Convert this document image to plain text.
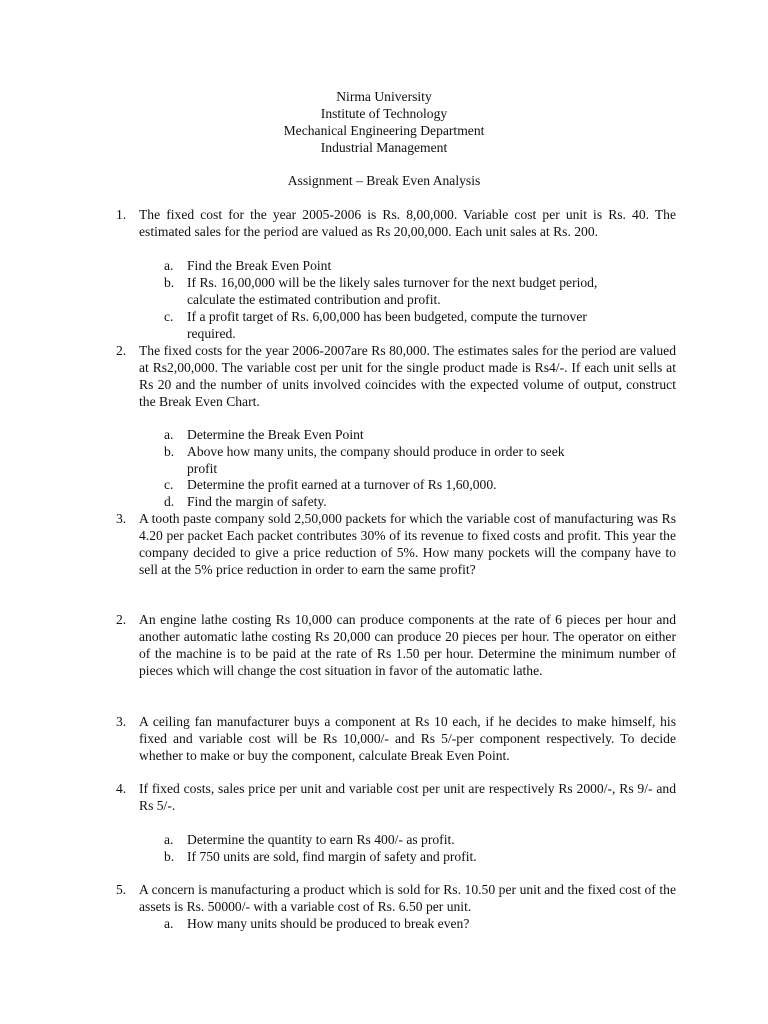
Nirma University
Institute of Technology
Mechanical Engineering Department
Industrial Management
Assignment – Break Even Analysis
1. The fixed cost for the year 2005-2006 is Rs. 8,00,000. Variable cost per unit is Rs. 40. The estimated sales for the period are valued as Rs 20,00,000. Each unit sales at Rs. 200.
a. Find the Break Even Point
b. If Rs. 16,00,000 will be the likely sales turnover for the next budget period, calculate the estimated contribution and profit.
c. If a profit target of Rs. 6,00,000 has been budgeted, compute the turnover required.
2. The fixed costs for the year 2006-2007are Rs 80,000. The estimates sales for the period are valued at Rs2,00,000. The variable cost per unit for the single product made is Rs4/-. If each unit sells at Rs 20 and the number of units involved coincides with the expected volume of output, construct the Break Even Chart.
a. Determine the Break Even Point
b. Above how many units, the company should produce in order to seek profit
c. Determine the profit earned at a turnover of Rs 1,60,000.
d. Find the margin of safety.
3. A tooth paste company sold 2,50,000 packets for which the variable cost of manufacturing was Rs 4.20 per packet Each packet contributes 30% of its revenue to fixed costs and profit. This year the company decided to give a price reduction of 5%. How many pockets will the company have to sell at the 5% price reduction in order to earn the same profit?
2. An engine lathe costing Rs 10,000 can produce components at the rate of 6 pieces per hour and another automatic lathe costing Rs 20,000 can produce 20 pieces per hour. The operator on either of the machine is to be paid at the rate of Rs 1.50 per hour. Determine the minimum number of pieces which will change the cost situation in favor of the automatic lathe.
3. A ceiling fan manufacturer buys a component at Rs 10 each, if he decides to make himself, his fixed and variable cost will be Rs 10,000/- and Rs 5/-per component respectively. To decide whether to make or buy the component, calculate Break Even Point.
4. If fixed costs, sales price per unit and variable cost per unit are respectively Rs 2000/-, Rs 9/- and Rs 5/-.
a. Determine the quantity to earn Rs 400/- as profit.
b. If 750 units are sold, find margin of safety and profit.
5. A concern is manufacturing a product which is sold for Rs. 10.50 per unit and the fixed cost of the assets is Rs. 50000/- with a variable cost of Rs. 6.50 per unit.
a. How many units should be produced to break even?
